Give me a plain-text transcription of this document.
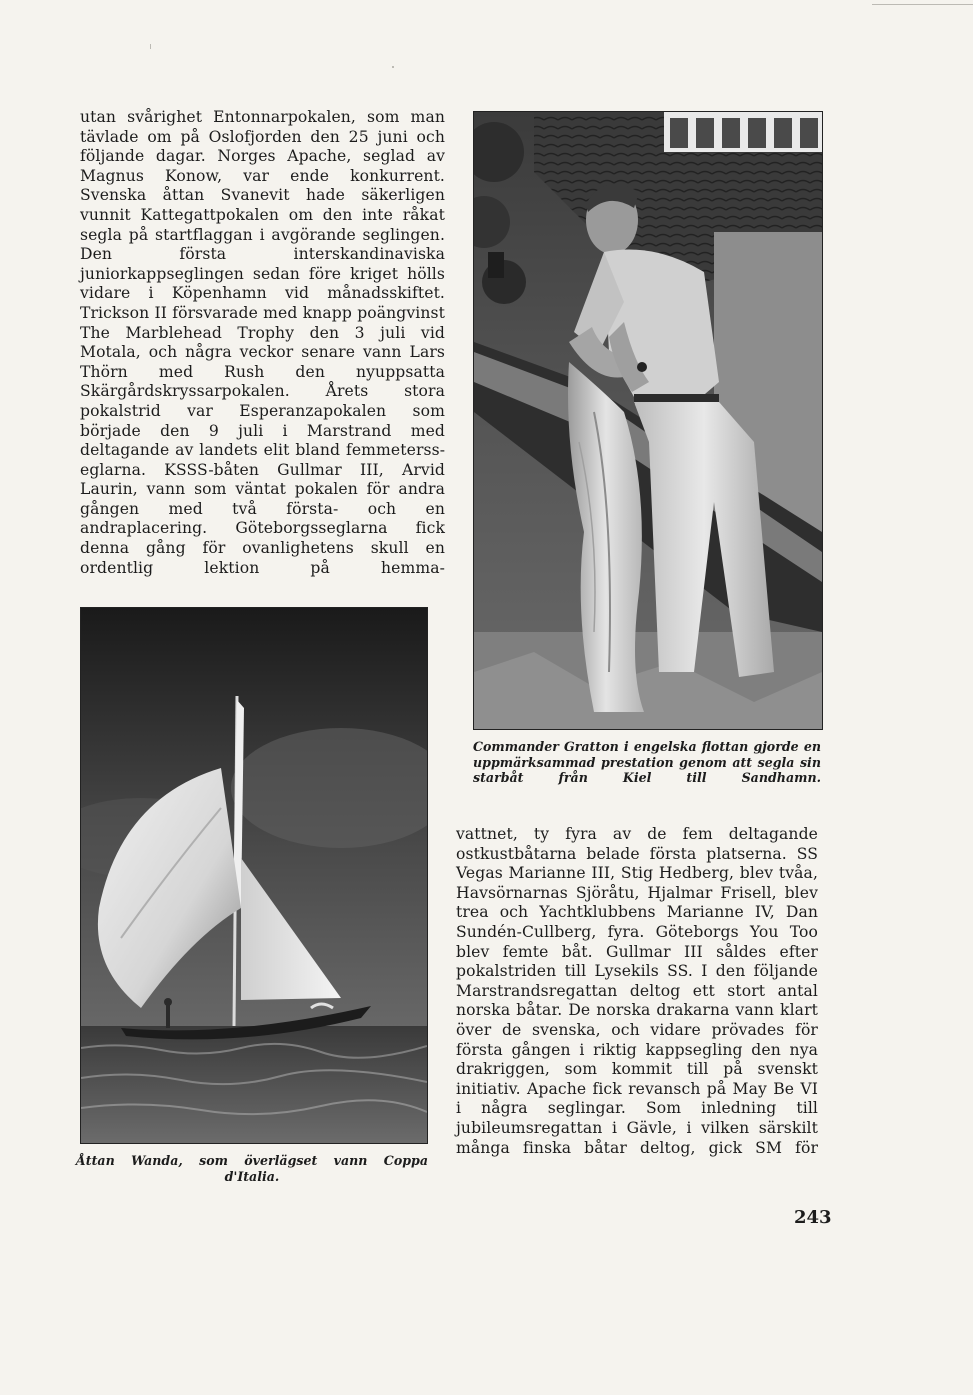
utan svårighet Entonnarpokalen, som man tävlade om på Oslofjorden den 25 juni och följande dagar. Norges Apache, seglad av Magnus Konow, var ende konkurrent. Svenska åttan Svanevit hade säkerligen vunnit Kattegattpokalen om den inte råkat segla på startflaggan i avgörande seglingen. Den första interskandinaviska juniorkappseglingen sedan före kriget hölls vidare i Köpenhamn vid månadsskiftet. Trickson II försvarade med knapp poängvinst The Marblehead Trophy den 3 juli vid Motala, och några veckor senare vann Lars Thörn med Rush den nyuppsatta Skärgårdskryssarpokalen. Årets stora pokalstrid var Esperanzapokalen som började den 9 juli i Marstrand med deltagande av landets elit bland femmetersseglarna. KSSS-båten Gullmar III, Arvid Laurin, vann som väntat pokalen för andra gången med två första- och en andraplacering. Göteborgsseglarna fick denna gång för ovanlighetens skull en ordentlig lektion på hemma-

Commander Gratton i engelska flottan gjorde en uppmärksammad prestation genom att segla sin starbåt från Kiel till Sandhamn.

Åttan Wanda, som överlägset vann Coppa
d'Italia.

vattnet, ty fyra av de fem deltagande ostkustbåtarna belade första platserna. SS Vegas Marianne III, Stig Hedberg, blev tvåa, Havsörnarnas Sjöråtu, Hjalmar Frisell, blev trea och Yachtklubbens Marianne IV, Dan Sundén-Cullberg, fyra. Göteborgs You Too blev femte båt. Gullmar III såldes efter pokalstriden till Lysekils SS. I den följande Marstrandsregattan deltog ett stort antal norska båtar. De norska drakarna vann klart över de svenska, och vidare prövades för första gången i riktig kappsegling den nya drakriggen, som kommit till på svenskt initiativ. Apache fick revansch på May Be VI i några seglingar. Som inledning till jubileumsregattan i Gävle, i vilken särskilt många finska båtar deltog, gick SM för

243
